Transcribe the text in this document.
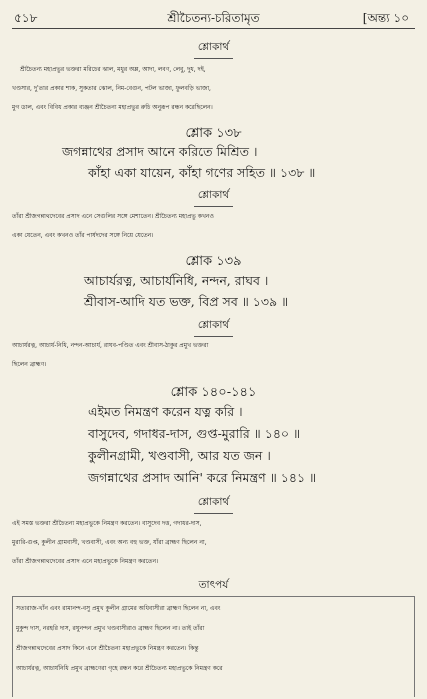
৫১৮	শ্রীচৈতন্য-চরিতামৃত	[অন্ত্য ১০
শ্লোকার্থ
শ্রীচৈতন্য মহাপ্রভুর ভক্তরা মরিচের ঝাল, মধুর অম্ল, আদা, লবণ, লেবু, দুধ, দই,
খণ্ডসার, দু'তার প্রকার শাক, সুকতার ঝোল, নিম-বেগুন, পটল ভাজা, ফুলবড়ি ভাজা,
মুগ ডাল, এবং বিবিধ প্রকার ব্যঞ্জন শ্রীচৈতন্য মহাপ্রভুর রুচি অনুরূপ রন্ধন করেছিলেন।
শ্লোক ১৩৮
জগন্নাথের প্রসাদ আনে করিতে মিশ্রিত ।
কাঁহা একা যায়েন, কাঁহা গণের সহিত ॥ ১৩৮ ॥
শ্লোকার্থ
তাঁরা শ্রীজগন্নাথদেবের প্রসাদ এনে সেগুলির সঙ্গে মেশাতেন। শ্রীচৈতন্য মহাপ্রভু কখনও
একা যেতেন, এবং কখনও তাঁর পার্ষদদের সঙ্গে নিয়ে যেতেন।
শ্লোক ১৩৯
আচার্যরত্ন, আচার্যনিধি, নন্দন, রাঘব ।
শ্রীবাস-আদি যত ভক্ত, বিপ্র সব ॥ ১৩৯ ॥
শ্লোকার্থ
আচার্যরত্ন, আচার্য-নিধি, নন্দন-আচার্য, রাঘব-পণ্ডিত এবং শ্রীবাস-ঠাকুর প্রমুখ ভক্তরা
ছিলেন ব্রাহ্মণ।
শ্লোক ১৪০-১৪১
এইমত নিমন্ত্রণ করেন যত্ন করি ।
বাসুদেব, গদাধর-দাস, গুপ্ত-মুরারি ॥ ১৪০ ॥
কুলীনগ্রামী, খণ্ডবাসী, আর যত জন ।
জগন্নাথের প্রসাদ আনি' করে নিমন্ত্রণ ॥ ১৪১ ॥
শ্লোকার্থ
এই সমস্ত ভক্তরা শ্রীচৈতন্য মহাপ্রভুকে নিমন্ত্রণ করতেন। বাসুদেব দত্ত, গদাধর-দাস,
মুরারি-গুপ্ত, কুলীন গ্রামবাসী, খণ্ডবাসী, এবং অন্য বহু ভক্ত, যাঁরা ব্রাহ্মণ ছিলেন না,
তাঁরা শ্রীজগন্নাথদেবের প্রসাদ এনে মহাপ্রভুকে নিমন্ত্রণ করতেন।
তাৎপর্য
সত্যরাজ-খাঁন এবং রামানন্দ-বসু প্রমুখ কুলীন গ্রামের অধিবাসীরা ব্রাহ্মণ ছিলেন না, এবং
মুকুন্দ দাস, নরহরি দাস, রঘুনন্দন প্রমুখ খণ্ডবাসীরাও ব্রাহ্মণ ছিলেন না। তাই তাঁরা
শ্রীজগন্নাথদেবের প্রসাদ কিনে এনে শ্রীচৈতন্য মহাপ্রভুকে নিমন্ত্রণ করতেন। কিন্তু
আচার্যরত্ন, আচার্যনিধি প্রমুখ ব্রাহ্মণেরা গৃহে রন্ধন করে শ্রীচৈতন্য মহাপ্রভুকে নিমন্ত্রণ করে
